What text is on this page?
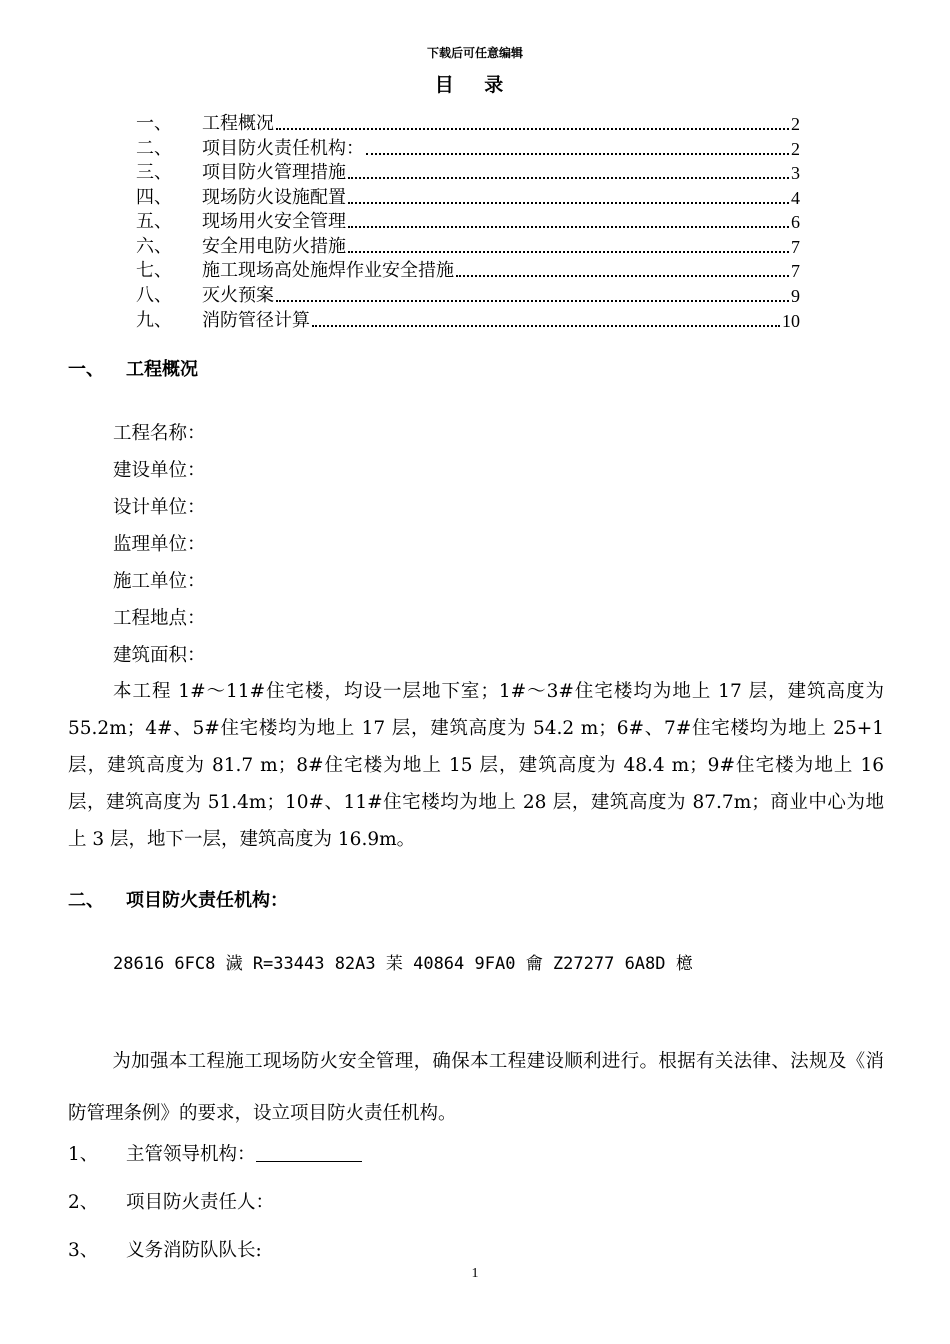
下载后可任意编辑
目 录
一、	工程概况	2
二、	项目防火责任机构：	2
三、	项目防火管理措施	3
四、	现场防火设施配置	4
五、	现场用火安全管理	6
六、	安全用电防火措施	7
七、	施工现场高处施焊作业安全措施	7
八、	灭火预案	9
九、	消防管径计算	10
一、 工程概况
工程名称：
建设单位：
设计单位：
监理单位：
施工单位：
工程地点：
建筑面积：
本工程 1#～11#住宅楼，均设一层地下室；1#～3#住宅楼均为地上 17 层，建筑高度为 55.2m；4#、5#住宅楼均为地上 17 层，建筑高度为 54.2 m；6#、7#住宅楼均为地上 25+1 层，建筑高度为 81.7 m；8#住宅楼为地上 15 层，建筑高度为 48.4 m；9#住宅楼为地上 16 层，建筑高度为 51.4m；10#、11#住宅楼均为地上 28 层，建筑高度为 87.7m；商业中心为地上 3 层，地下一层，建筑高度为 16.9m。
二、 项目防火责任机构：
28616 6FC8 濊 R=33443 82A3 苿 40864 9FA0 龠 Z27277 6A8D 檍
为加强本工程施工现场防火安全管理，确保本工程建设顺利进行。根据有关法律、法规及《消防管理条例》的要求，设立项目防火责任机构。
1、 主管领导机构：
2、 项目防火责任人：
3、 义务消防队队长:
1
